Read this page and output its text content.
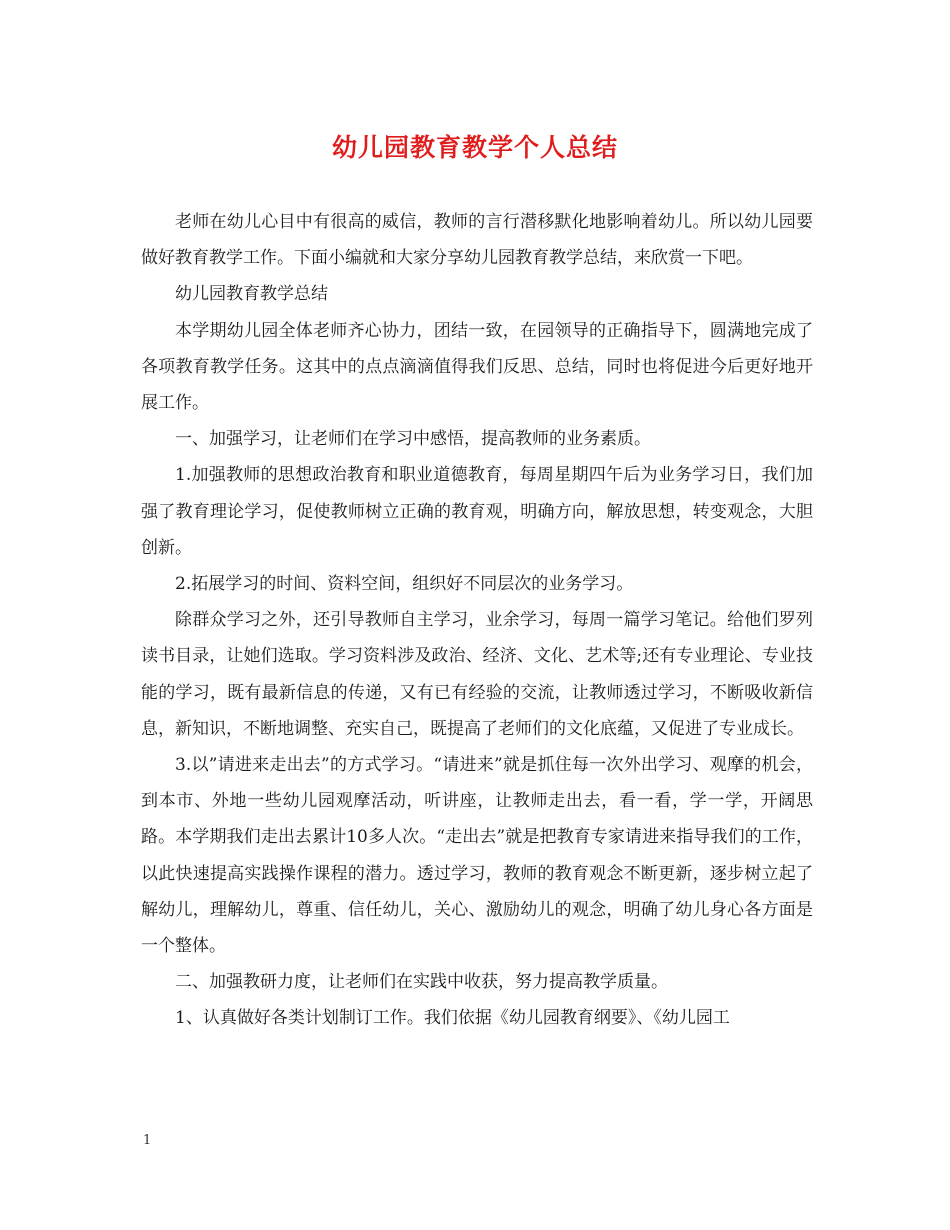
幼儿园教育教学个人总结

老师在幼儿心目中有很高的威信，教师的言行潜移默化地影响着幼儿。所以幼儿园要做好教育教学工作。下面小编就和大家分享幼儿园教育教学总结，来欣赏一下吧。

幼儿园教育教学总结

本学期幼儿园全体老师齐心协力，团结一致，在园领导的正确指导下，圆满地完成了各项教育教学任务。这其中的点点滴滴值得我们反思、总结，同时也将促进今后更好地开展工作。

一、加强学习，让老师们在学习中感悟，提高教师的业务素质。

1.加强教师的思想政治教育和职业道德教育，每周星期四午后为业务学习日，我们加强了教育理论学习，促使教师树立正确的教育观，明确方向，解放思想，转变观念，大胆创新。

2.拓展学习的时间、资料空间，组织好不同层次的业务学习。

除群众学习之外，还引导教师自主学习，业余学习，每周一篇学习笔记。给他们罗列读书目录，让她们选取。学习资料涉及政治、经济、文化、艺术等;还有专业理论、专业技能的学习，既有最新信息的传递，又有已有经验的交流，让教师透过学习，不断吸收新信息，新知识，不断地调整、充实自己，既提高了老师们的文化底蕴，又促进了专业成长。

3.以”请进来走出去”的方式学习。“请进来”就是抓住每一次外出学习、观摩的机会，到本市、外地一些幼儿园观摩活动，听讲座，让教师走出去，看一看，学一学，开阔思路。本学期我们走出去累计10多人次。“走出去”就是把教育专家请进来指导我们的工作，以此快速提高实践操作课程的潜力。透过学习，教师的教育观念不断更新，逐步树立起了解幼儿，理解幼儿，尊重、信任幼儿，关心、激励幼儿的观念，明确了幼儿身心各方面是一个整体。

二、加强教研力度，让老师们在实践中收获，努力提高教学质量。

1、认真做好各类计划制订工作。我们依据《幼儿园教育纲要》、《幼儿园工

1
